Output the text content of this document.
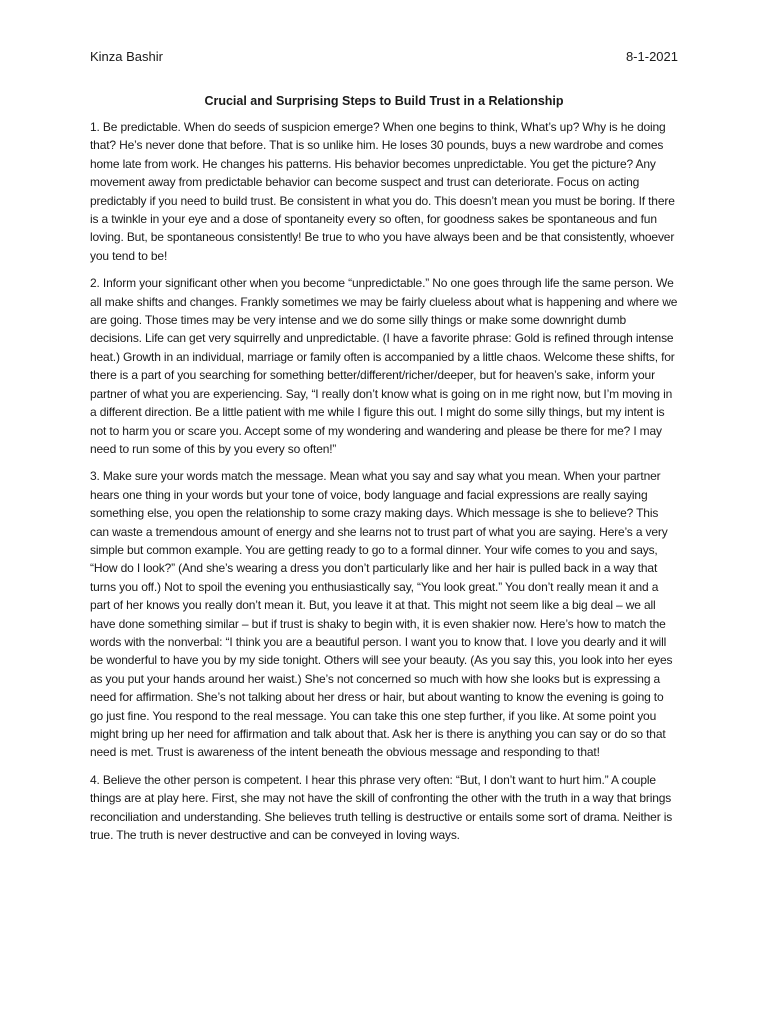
Kinza Bashir	8-1-2021
Crucial and Surprising Steps to Build Trust in a Relationship

1. Be predictable. When do seeds of suspicion emerge? When one begins to think, What’s up? Why is he doing that? He’s never done that before. That is so unlike him. He loses 30 pounds, buys a new wardrobe and comes home late from work. He changes his patterns. His behavior becomes unpredictable. You get the picture? Any movement away from predictable behavior can become suspect and trust can deteriorate. Focus on acting predictably if you need to build trust. Be consistent in what you do. This doesn’t mean you must be boring. If there is a twinkle in your eye and a dose of spontaneity every so often, for goodness sakes be spontaneous and fun loving. But, be spontaneous consistently! Be true to who you have always been and be that consistently, whoever you tend to be!

2. Inform your significant other when you become “unpredictable.” No one goes through life the same person. We all make shifts and changes. Frankly sometimes we may be fairly clueless about what is happening and where we are going. Those times may be very intense and we do some silly things or make some downright dumb decisions. Life can get very squirrelly and unpredictable. (I have a favorite phrase: Gold is refined through intense heat.) Growth in an individual, marriage or family often is accompanied by a little chaos. Welcome these shifts, for there is a part of you searching for something better/different/richer/deeper, but for heaven’s sake, inform your partner of what you are experiencing. Say, “I really don’t know what is going on in me right now, but I’m moving in a different direction. Be a little patient with me while I figure this out. I might do some silly things, but my intent is not to harm you or scare you. Accept some of my wondering and wandering and please be there for me? I may need to run some of this by you every so often!”

3. Make sure your words match the message. Mean what you say and say what you mean. When your partner hears one thing in your words but your tone of voice, body language and facial expressions are really saying something else, you open the relationship to some crazy making days. Which message is she to believe? This can waste a tremendous amount of energy and she learns not to trust part of what you are saying. Here’s a very simple but common example. You are getting ready to go to a formal dinner. Your wife comes to you and says, “How do I look?” (And she’s wearing a dress you don’t particularly like and her hair is pulled back in a way that turns you off.) Not to spoil the evening you enthusiastically say, “You look great.” You don’t really mean it and a part of her knows you really don’t mean it. But, you leave it at that. This might not seem like a big deal – we all have done something similar – but if trust is shaky to begin with, it is even shakier now. Here’s how to match the words with the nonverbal: “I think you are a beautiful person. I want you to know that. I love you dearly and it will be wonderful to have you by my side tonight. Others will see your beauty. (As you say this, you look into her eyes as you put your hands around her waist.) She’s not concerned so much with how she looks but is expressing a need for affirmation. She’s not talking about her dress or hair, but about wanting to know the evening is going to go just fine. You respond to the real message. You can take this one step further, if you like. At some point you might bring up her need for affirmation and talk about that. Ask her is there is anything you can say or do so that need is met. Trust is awareness of the intent beneath the obvious message and responding to that!

4. Believe the other person is competent. I hear this phrase very often: “But, I don’t want to hurt him.” A couple things are at play here. First, she may not have the skill of confronting the other with the truth in a way that brings reconciliation and understanding. She believes truth telling is destructive or entails some sort of drama. Neither is true. The truth is never destructive and can be conveyed in loving ways.
